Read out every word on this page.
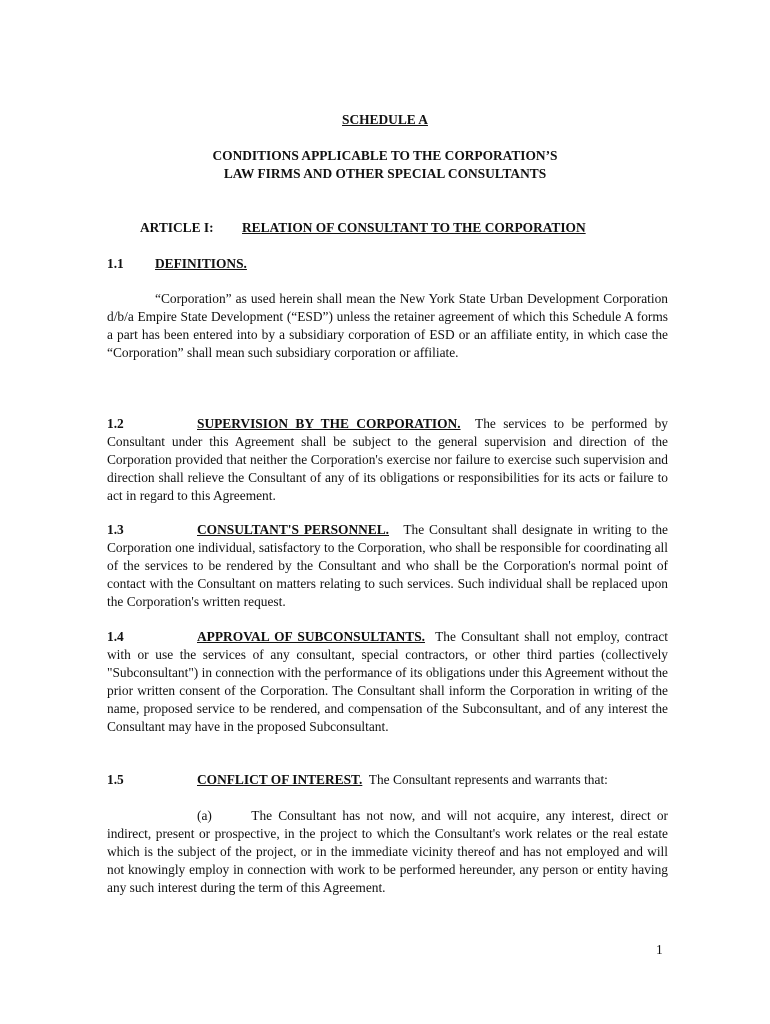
SCHEDULE A
CONDITIONS APPLICABLE TO THE CORPORATION’S
LAW FIRMS AND OTHER SPECIAL CONSULTANTS
ARTICLE I: RELATION OF CONSULTANT TO THE CORPORATION
1.1 DEFINITIONS.

“Corporation” as used herein shall mean the New York State Urban Development Corporation d/b/a Empire State Development (“ESD”) unless the retainer agreement of which this Schedule A forms a part has been entered into by a subsidiary corporation of ESD or an affiliate entity, in which case the “Corporation” shall mean such subsidiary corporation or affiliate.

1.2	SUPERVISION BY THE CORPORATION. The services to be performed by Consultant under this Agreement shall be subject to the general supervision and direction of the Corporation provided that neither the Corporation's exercise nor failure to exercise such supervision and direction shall relieve the Consultant of any of its obligations or responsibilities for its acts or failure to act in regard to this Agreement.

1.3	CONSULTANT'S PERSONNEL. The Consultant shall designate in writing to the Corporation one individual, satisfactory to the Corporation, who shall be responsible for coordinating all of the services to be rendered by the Consultant and who shall be the Corporation's normal point of contact with the Consultant on matters relating to such services. Such individual shall be replaced upon the Corporation's written request.

1.4	APPROVAL OF SUBCONSULTANTS. The Consultant shall not employ, contract with or use the services of any consultant, special contractors, or other third parties (collectively "Subconsultant") in connection with the performance of its obligations under this Agreement without the prior written consent of the Corporation. The Consultant shall inform the Corporation in writing of the name, proposed service to be rendered, and compensation of the Subconsultant, and of any interest the Consultant may have in the proposed Subconsultant.

1.5	CONFLICT OF INTEREST. The Consultant represents and warrants that:

(a)	The Consultant has not now, and will not acquire, any interest, direct or indirect, present or prospective, in the project to which the Consultant's work relates or the real estate which is the subject of the project, or in the immediate vicinity thereof and has not employed and will not knowingly employ in connection with work to be performed hereunder, any person or entity having any such interest during the term of this Agreement.

1
